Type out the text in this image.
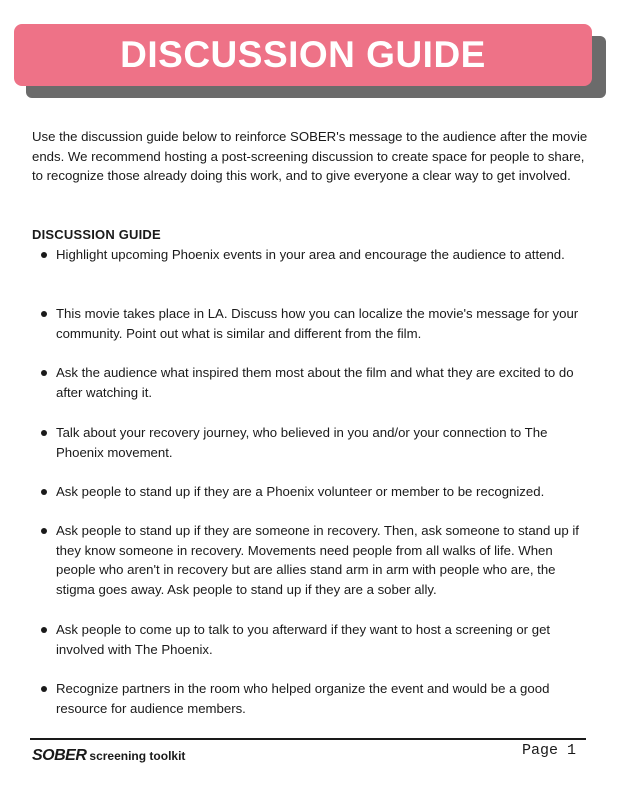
DISCUSSION GUIDE

Use the discussion guide below to reinforce SOBER's message to the audience after the movie ends. We recommend hosting a post-screening discussion to create space for people to share, to recognize those already doing this work, and to give everyone a clear way to get involved.

DISCUSSION GUIDE

Highlight upcoming Phoenix events in your area and encourage the audience to attend.
This movie takes place in LA. Discuss how you can localize the movie's message for your community. Point out what is similar and different from the film.
Ask the audience what inspired them most about the film and what they are excited to do after watching it.
Talk about your recovery journey, who believed in you and/or your connection to The Phoenix movement.
Ask people to stand up if they are a Phoenix volunteer or member to be recognized.
Ask people to stand up if they are someone in recovery. Then, ask someone to stand up if they know someone in recovery. Movements need people from all walks of life. When people who aren't in recovery but are allies stand arm in arm with people who are, the stigma goes away. Ask people to stand up if they are a sober ally.
Ask people to come up to talk to you afterward if they want to host a screening or get involved with The Phoenix.
Recognize partners in the room who helped organize the event and would be a good resource for audience members.
SOBER screening toolkit	Page 1
